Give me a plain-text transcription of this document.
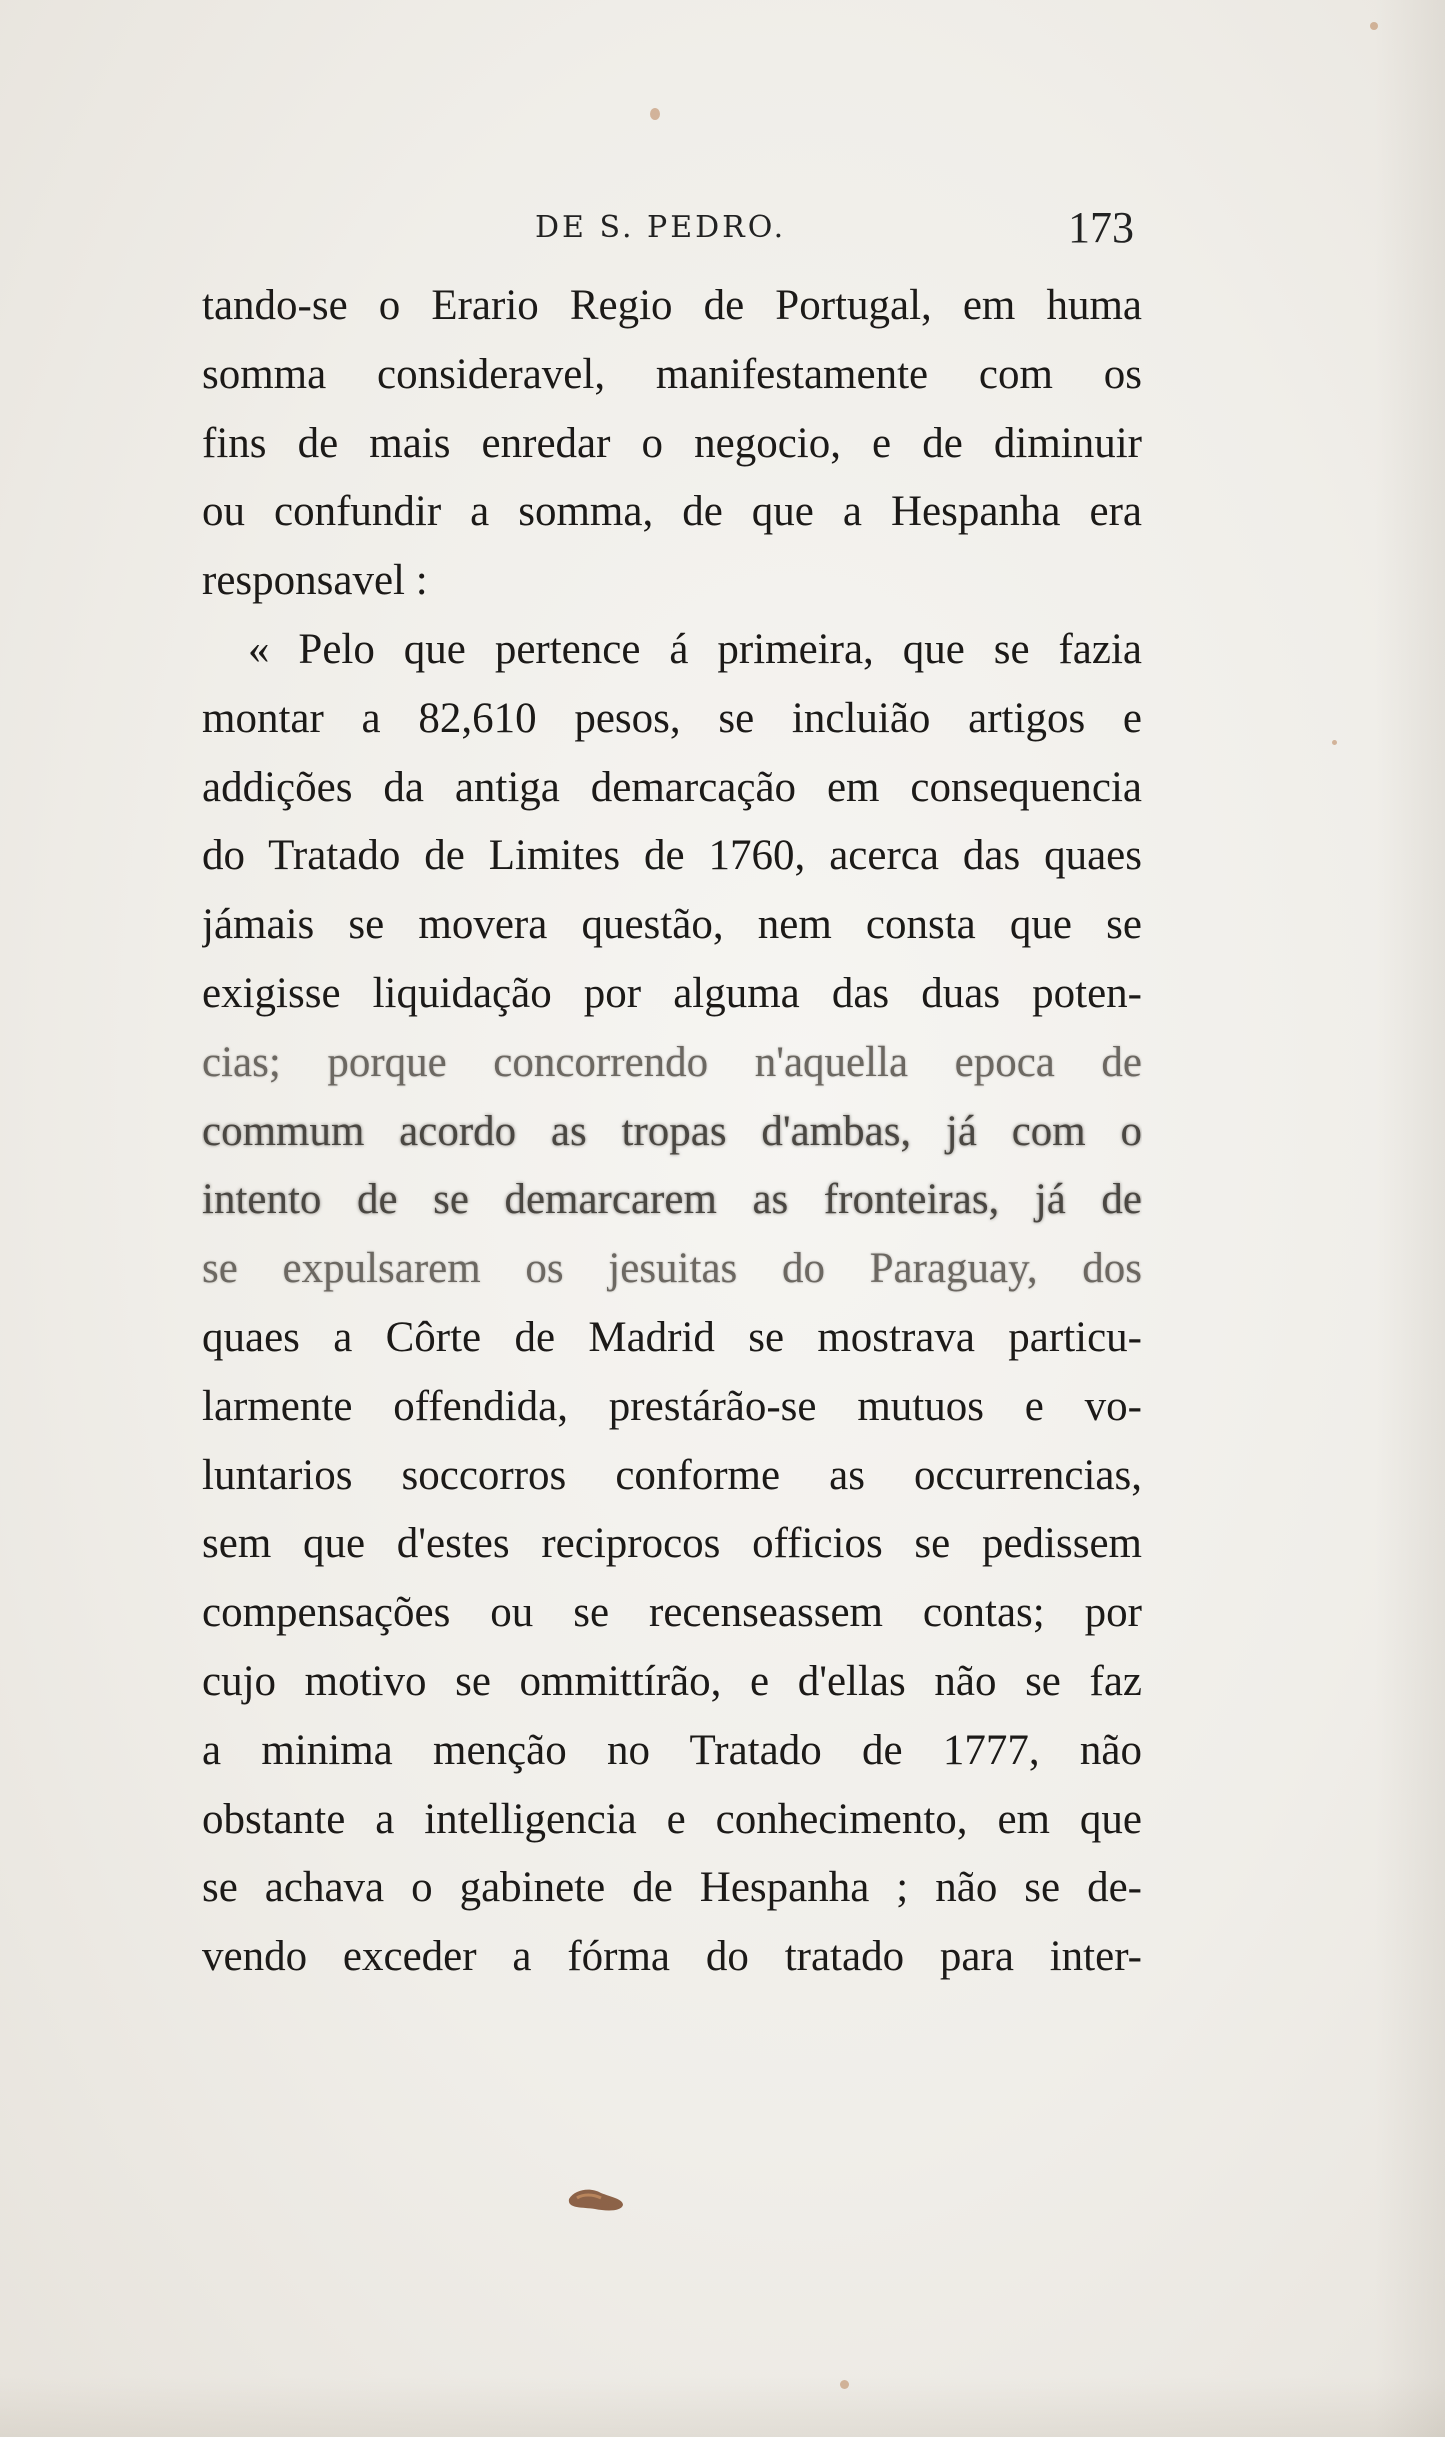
DE S. PEDRO.	173
tando-se o Erario Regio de Portugal, em huma
somma consideravel, manifestamente com os
fins de mais enredar o negocio, e de diminuir
ou confundir a somma, de que a Hespanha era
responsavel :
« Pelo que pertence á primeira, que se fazia
montar a 82,610 pesos, se incluião artigos e
addições da antiga demarcação em consequencia
do Tratado de Limites de 1760, acerca das quaes
jámais se movera questão, nem consta que se
exigisse liquidação por alguma das duas poten-
cias; porque concorrendo n'aquella epoca de
commum acordo as tropas d'ambas, já com o
intento de se demarcarem as fronteiras, já de
se expulsarem os jesuitas do Paraguay, dos
quaes a Côrte de Madrid se mostrava particu-
larmente offendida, prestárão-se mutuos e vo-
luntarios soccorros conforme as occurrencias,
sem que d'estes reciprocos officios se pedissem
compensações ou se recenseassem contas; por
cujo motivo se ommittírão, e d'ellas não se faz
a minima menção no Tratado de 1777, não
obstante a intelligencia e conhecimento, em que
se achava o gabinete de Hespanha ; não se de-
vendo exceder a fórma do tratado para inter-
